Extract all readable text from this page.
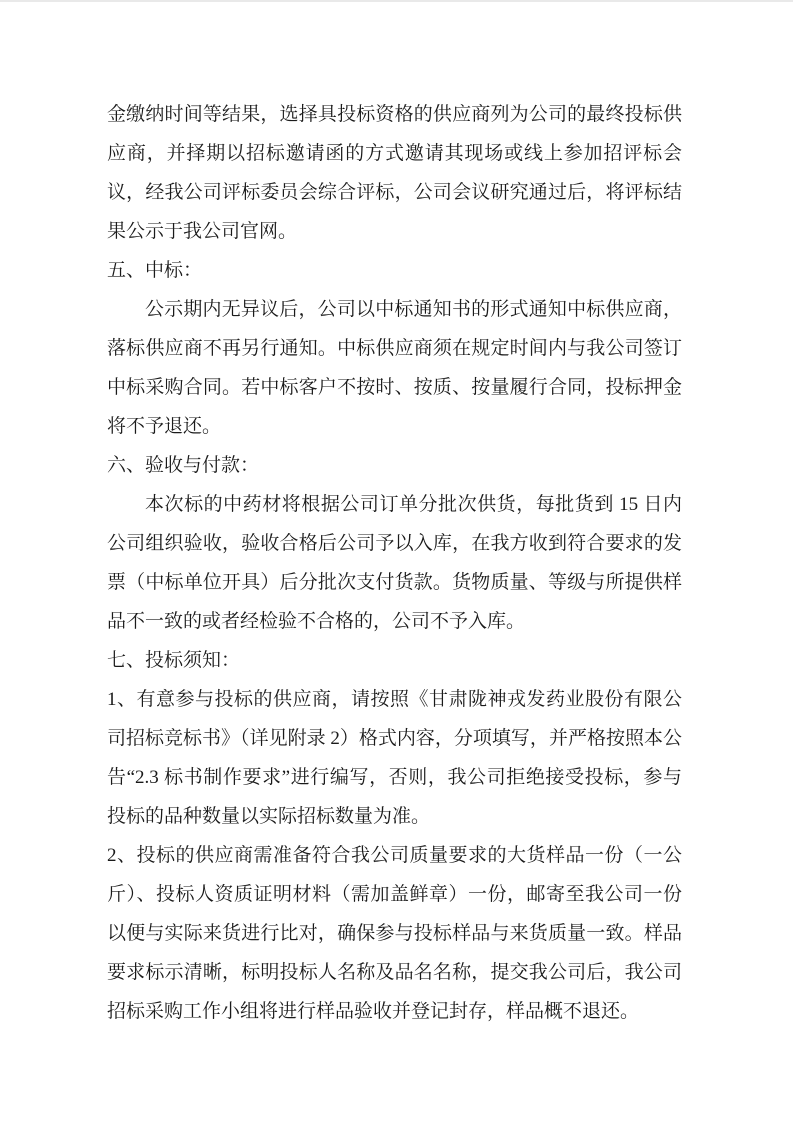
金缴纳时间等结果，选择具投标资格的供应商列为公司的最终投标供应商，并择期以招标邀请函的方式邀请其现场或线上参加招评标会议，经我公司评标委员会综合评标，公司会议研究通过后，将评标结果公示于我公司官网。

五、中标：

公示期内无异议后，公司以中标通知书的形式通知中标供应商，落标供应商不再另行通知。中标供应商须在规定时间内与我公司签订中标采购合同。若中标客户不按时、按质、按量履行合同，投标押金将不予退还。

六、验收与付款：

本次标的中药材将根据公司订单分批次供货，每批货到 15 日内公司组织验收，验收合格后公司予以入库，在我方收到符合要求的发票（中标单位开具）后分批次支付货款。货物质量、等级与所提供样品不一致的或者经检验不合格的，公司不予入库。

七、投标须知：

1、有意参与投标的供应商，请按照《甘肃陇神戎发药业股份有限公司招标竞标书》（详见附录 2）格式内容，分项填写，并严格按照本公告“2.3 标书制作要求”进行编写，否则，我公司拒绝接受投标，参与投标的品种数量以实际招标数量为准。

2、投标的供应商需准备符合我公司质量要求的大货样品一份（一公斤）、投标人资质证明材料（需加盖鲜章）一份，邮寄至我公司一份以便与实际来货进行比对，确保参与投标样品与来货质量一致。样品要求标示清晰，标明投标人名称及品名名称，提交我公司后，我公司招标采购工作小组将进行样品验收并登记封存，样品概不退还。
